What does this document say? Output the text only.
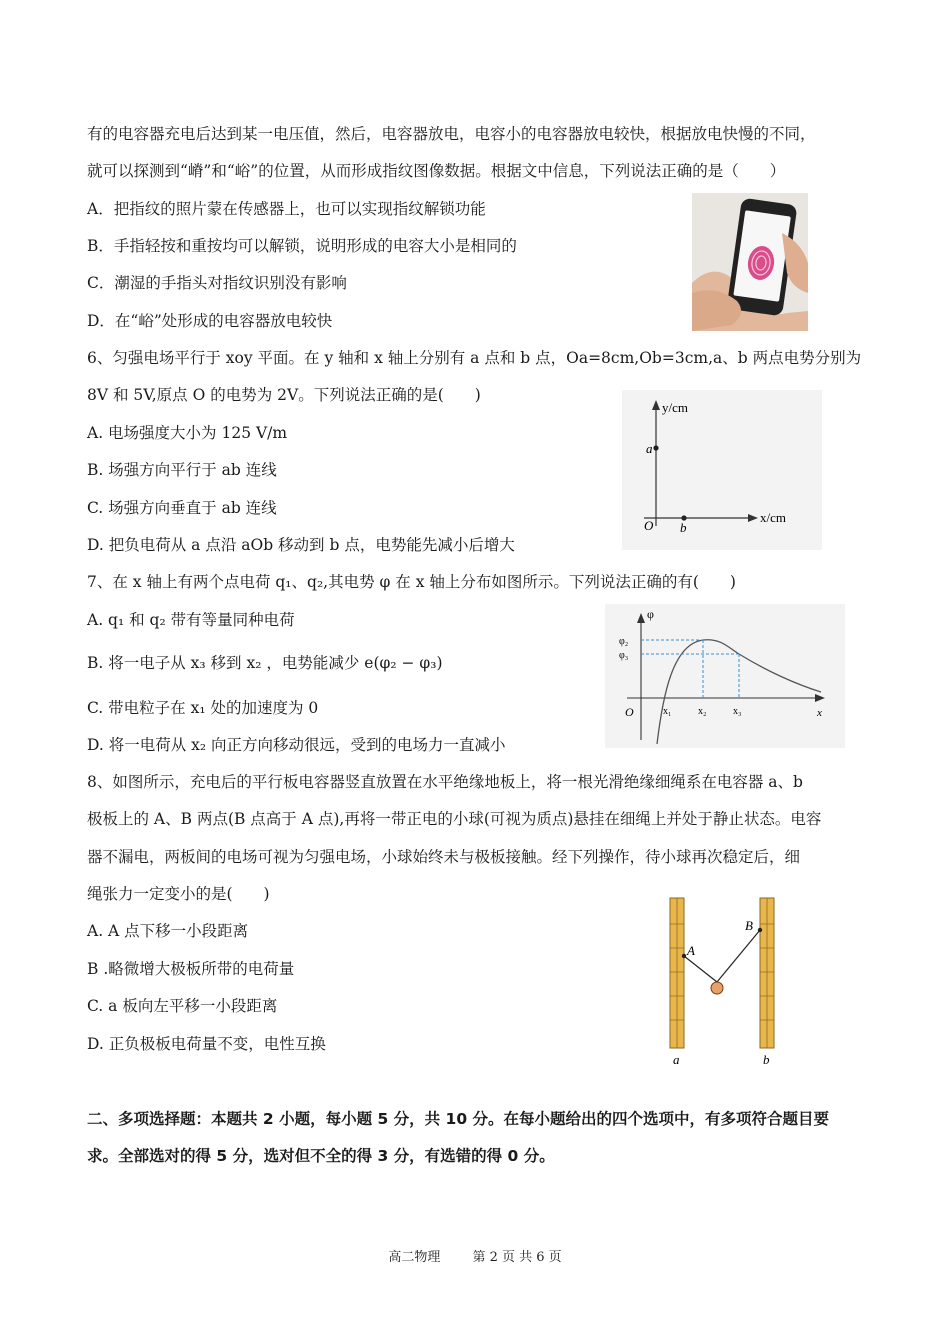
有的电容器充电后达到某一电压值，然后，电容器放电，电容小的电容器放电较快，根据放电快慢的不同，
就可以探测到“嵴”和“峪”的位置，从而形成指纹图像数据。根据文中信息，下列说法正确的是（　　）
A．把指纹的照片蒙在传感器上，也可以实现指纹解锁功能
B．手指轻按和重按均可以解锁，说明形成的电容大小是相同的
C．潮湿的手指头对指纹识别没有影响
D．在“峪”处形成的电容器放电较快
6、匀强电场平行于 xoy 平面。在 y 轴和 x 轴上分别有 a 点和 b 点，Oa=8cm,Ob=3cm,a、b 两点电势分别为
8V 和 5V,原点 O 的电势为 2V。下列说法正确的是(　　)
A. 电场强度大小为 125 V/m
B. 场强方向平行于 ab 连线
C. 场强方向垂直于 ab 连线
D. 把负电荷从 a 点沿 aOb 移动到 b 点，电势能先减小后增大
y/cm
x/cm
a
b
O
7、在 x 轴上有两个点电荷 q₁、q₂,其电势 φ 在 x 轴上分布如图所示。下列说法正确的有(　　)
A. q₁ 和 q₂ 带有等量同种电荷
B. 将一电子从 x₃ 移到 x₂ ，电势能减少 e(φ₂ − φ₃)
C. 带电粒子在 x₁ 处的加速度为 0
D. 将一电荷从 x₂ 向正方向移动很远，受到的电场力一直减小
φ
φ₂
φ₃
O	x₁	x₂	x₃	x
8、如图所示，充电后的平行板电容器竖直放置在水平绝缘地板上，将一根光滑绝缘细绳系在电容器 a、b
极板上的 A、B 两点(B 点高于 A 点),再将一带正电的小球(可视为质点)悬挂在细绳上并处于静止状态。电容
器不漏电，两板间的电场可视为匀强电场，小球始终未与极板接触。经下列操作，待小球再次稳定后，细
绳张力一定变小的是(　　)
A. A 点下移一小段距离
B .略微增大极板所带的电荷量
C. a 板向左平移一小段距离
D. 正负极板电荷量不变，电性互换
A
B
a	b
二、多项选择题：本题共 2 小题，每小题 5 分，共 10 分。在每小题给出的四个选项中，有多项符合题目要
求。全部选对的得 5 分，选对但不全的得 3 分，有选错的得 0 分。
高二物理 第 2 页 共 6 页
